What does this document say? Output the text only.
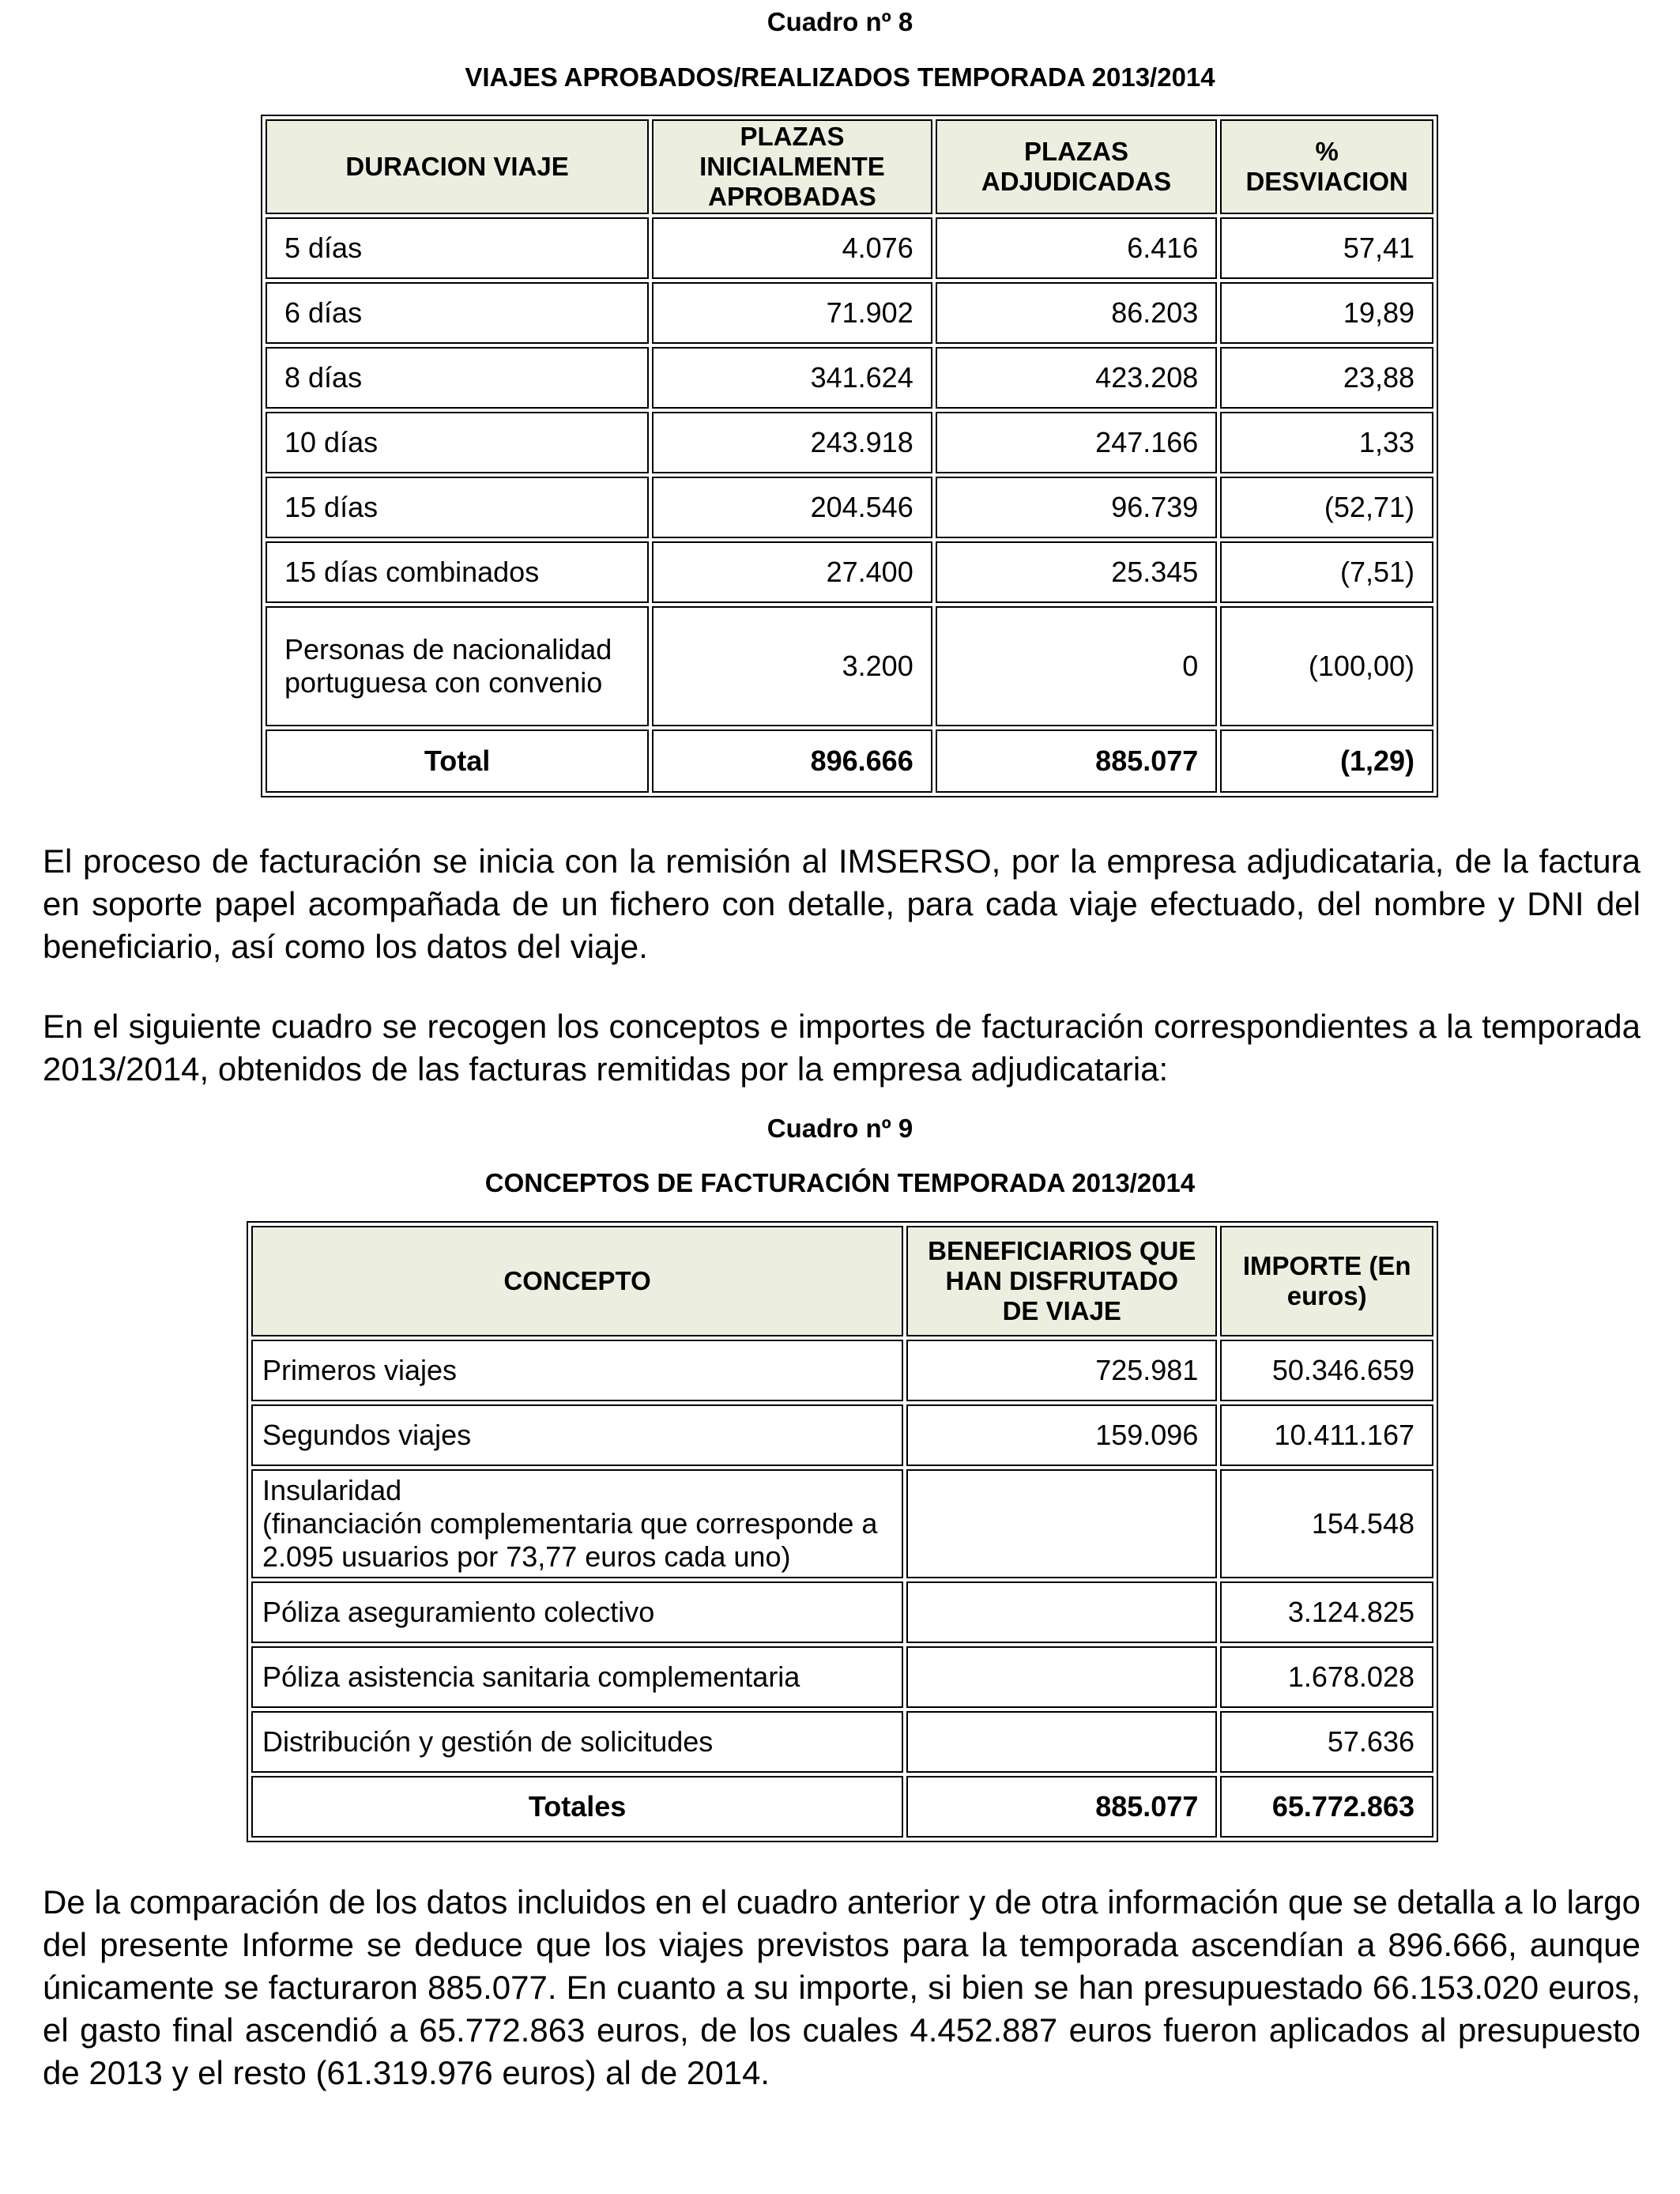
Cuadro nº 8
VIAJES APROBADOS/REALIZADOS TEMPORADA 2013/2014
DURACION VIAJE	PLAZAS INICIALMENTE APROBADAS	PLAZAS ADJUDICADAS	% DESVIACION
5 días	4.076	6.416	57,41
6 días	71.902	86.203	19,89
8 días	341.624	423.208	23,88
10 días	243.918	247.166	1,33
15 días	204.546	96.739	(52,71)
15 días combinados	27.400	25.345	(7,51)
Personas de nacionalidad portuguesa con convenio	3.200	0	(100,00)
Total	896.666	885.077	(1,29)
El proceso de facturación se inicia con la remisión al IMSERSO, por la empresa adjudicataria, de la factura en soporte papel acompañada de un fichero con detalle, para cada viaje efectuado, del nombre y DNI del beneficiario, así como los datos del viaje.
En el siguiente cuadro se recogen los conceptos e importes de facturación correspondientes a la temporada 2013/2014, obtenidos de las facturas remitidas por la empresa adjudicataria:
Cuadro nº 9
CONCEPTOS DE FACTURACIÓN TEMPORADA 2013/2014
CONCEPTO	BENEFICIARIOS QUE HAN DISFRUTADO DE VIAJE	IMPORTE (En euros)
Primeros viajes	725.981	50.346.659
Segundos viajes	159.096	10.411.167

Insularidad
(financiación complementaria que corresponde a 2.095 usuarios por 73,77 euros cada uno)		154.548
Póliza aseguramiento colectivo		3.124.825
Póliza asistencia sanitaria complementaria		1.678.028
Distribución y gestión de solicitudes		57.636
Totales	885.077	65.772.863
De la comparación de los datos incluidos en el cuadro anterior y de otra información que se detalla a lo largo del presente Informe se deduce que los viajes previstos para la temporada ascendían a 896.666, aunque únicamente se facturaron 885.077. En cuanto a su importe, si bien se han presupuestado 66.153.020 euros, el gasto final ascendió a 65.772.863 euros, de los cuales 4.452.887 euros fueron aplicados al presupuesto de 2013 y el resto (61.319.976 euros) al de 2014.
